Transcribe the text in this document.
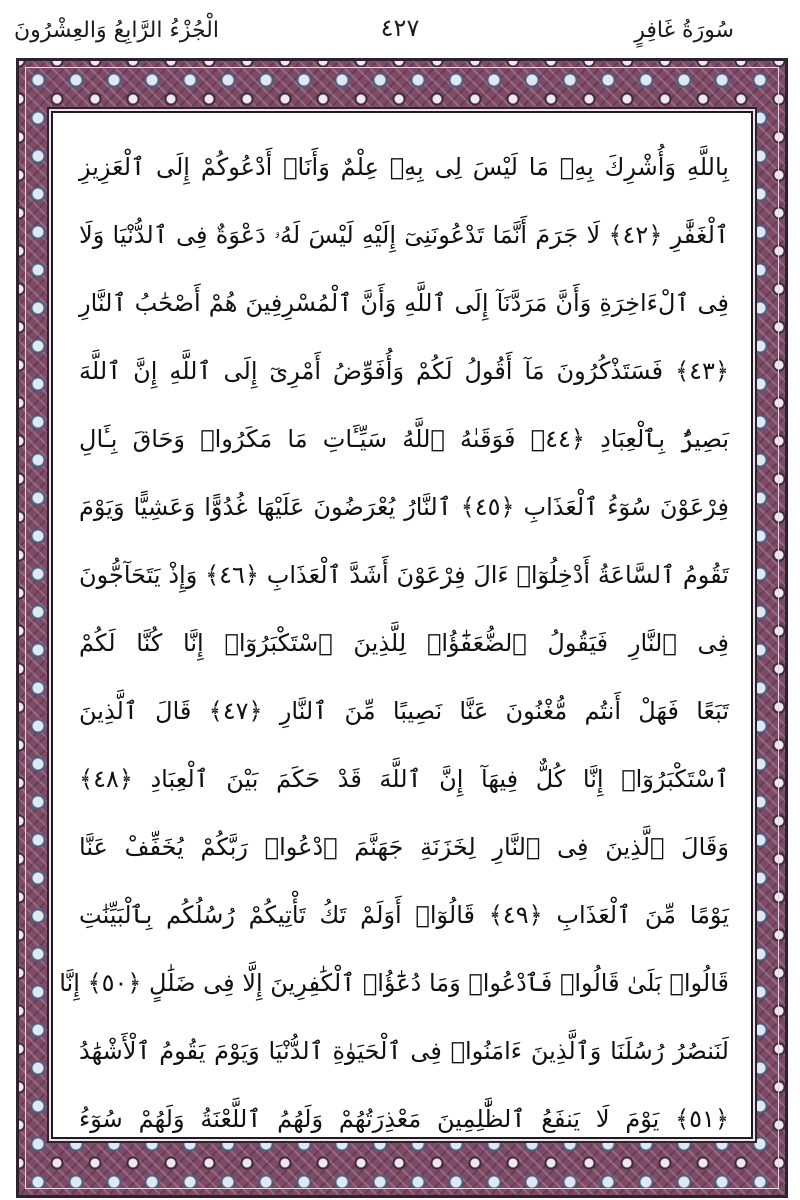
سُورَةُ غَافِرٍ
٤٢٧
الْجُزْءُ الرَّابِعُ وَالعِشْرُونَ
بِاللَّهِ وَأُشْرِكَ بِهِۦ مَا لَيْسَ لِى بِهِۦ عِلْمٌ وَأَنَا۠ أَدْعُوكُمْ إِلَى ٱلْعَزِيزِ
ٱلْغَفَّٰرِ ﴿٤٢﴾ لَا جَرَمَ أَنَّمَا تَدْعُونَنِىٓ إِلَيْهِ لَيْسَ لَهُۥ دَعْوَةٌ فِى ٱلدُّنْيَا وَلَا
فِى ٱلْءَاخِرَةِ وَأَنَّ مَرَدَّنَآ إِلَى ٱللَّهِ وَأَنَّ ٱلْمُسْرِفِينَ هُمْ أَصْحَٰبُ ٱلنَّارِ
﴿٤٣﴾ فَسَتَذْكُرُونَ مَآ أَقُولُ لَكُمْ وَأُفَوِّضُ أَمْرِىٓ إِلَى ٱللَّهِ إِنَّ ٱللَّهَ
بَصِيرٌۢ بِٱلْعِبَادِ ﴿٤٤﴾ فَوَقَىٰهُ ٱللَّهُ سَيِّـَٔاتِ مَا مَكَرُوا۟ وَحَاقَ بِـَٔالِ
فِرْعَوْنَ سُوٓءُ ٱلْعَذَابِ ﴿٤٥﴾ ٱلنَّارُ يُعْرَضُونَ عَلَيْهَا غُدُوًّا وَعَشِيًّا وَيَوْمَ
تَقُومُ ٱلسَّاعَةُ أَدْخِلُوٓا۟ ءَالَ فِرْعَوْنَ أَشَدَّ ٱلْعَذَابِ ﴿٤٦﴾ وَإِذْ يَتَحَآجُّونَ
فِى ٱلنَّارِ فَيَقُولُ ٱلضُّعَفَٰٓؤُا۟ لِلَّذِينَ ٱسْتَكْبَرُوٓا۟ إِنَّا كُنَّا لَكُمْ
تَبَعًا فَهَلْ أَنتُم مُّغْنُونَ عَنَّا نَصِيبًا مِّنَ ٱلنَّارِ ﴿٤٧﴾ قَالَ ٱلَّذِينَ
ٱسْتَكْبَرُوٓا۟ إِنَّا كُلٌّ فِيهَآ إِنَّ ٱللَّهَ قَدْ حَكَمَ بَيْنَ ٱلْعِبَادِ ﴿٤٨﴾
وَقَالَ ٱلَّذِينَ فِى ٱلنَّارِ لِخَزَنَةِ جَهَنَّمَ ٱدْعُوا۟ رَبَّكُمْ يُخَفِّفْ عَنَّا
يَوْمًا مِّنَ ٱلْعَذَابِ ﴿٤٩﴾ قَالُوٓا۟ أَوَلَمْ تَكُ تَأْتِيكُمْ رُسُلُكُم بِٱلْبَيِّنَٰتِ
قَالُوا۟ بَلَىٰ قَالُوا۟ فَٱدْعُوا۟ وَمَا دُعَٰٓؤُا۟ ٱلْكَٰفِرِينَ إِلَّا فِى ضَلَٰلٍ ﴿٥٠﴾ إِنَّا
لَنَنصُرُ رُسُلَنَا وَٱلَّذِينَ ءَامَنُوا۟ فِى ٱلْحَيَوٰةِ ٱلدُّنْيَا وَيَوْمَ يَقُومُ ٱلْأَشْهَٰدُ
﴿٥١﴾ يَوْمَ لَا يَنفَعُ ٱلظَّٰلِمِينَ مَعْذِرَتُهُمْ وَلَهُمُ ٱللَّعْنَةُ وَلَهُمْ سُوٓءُ
